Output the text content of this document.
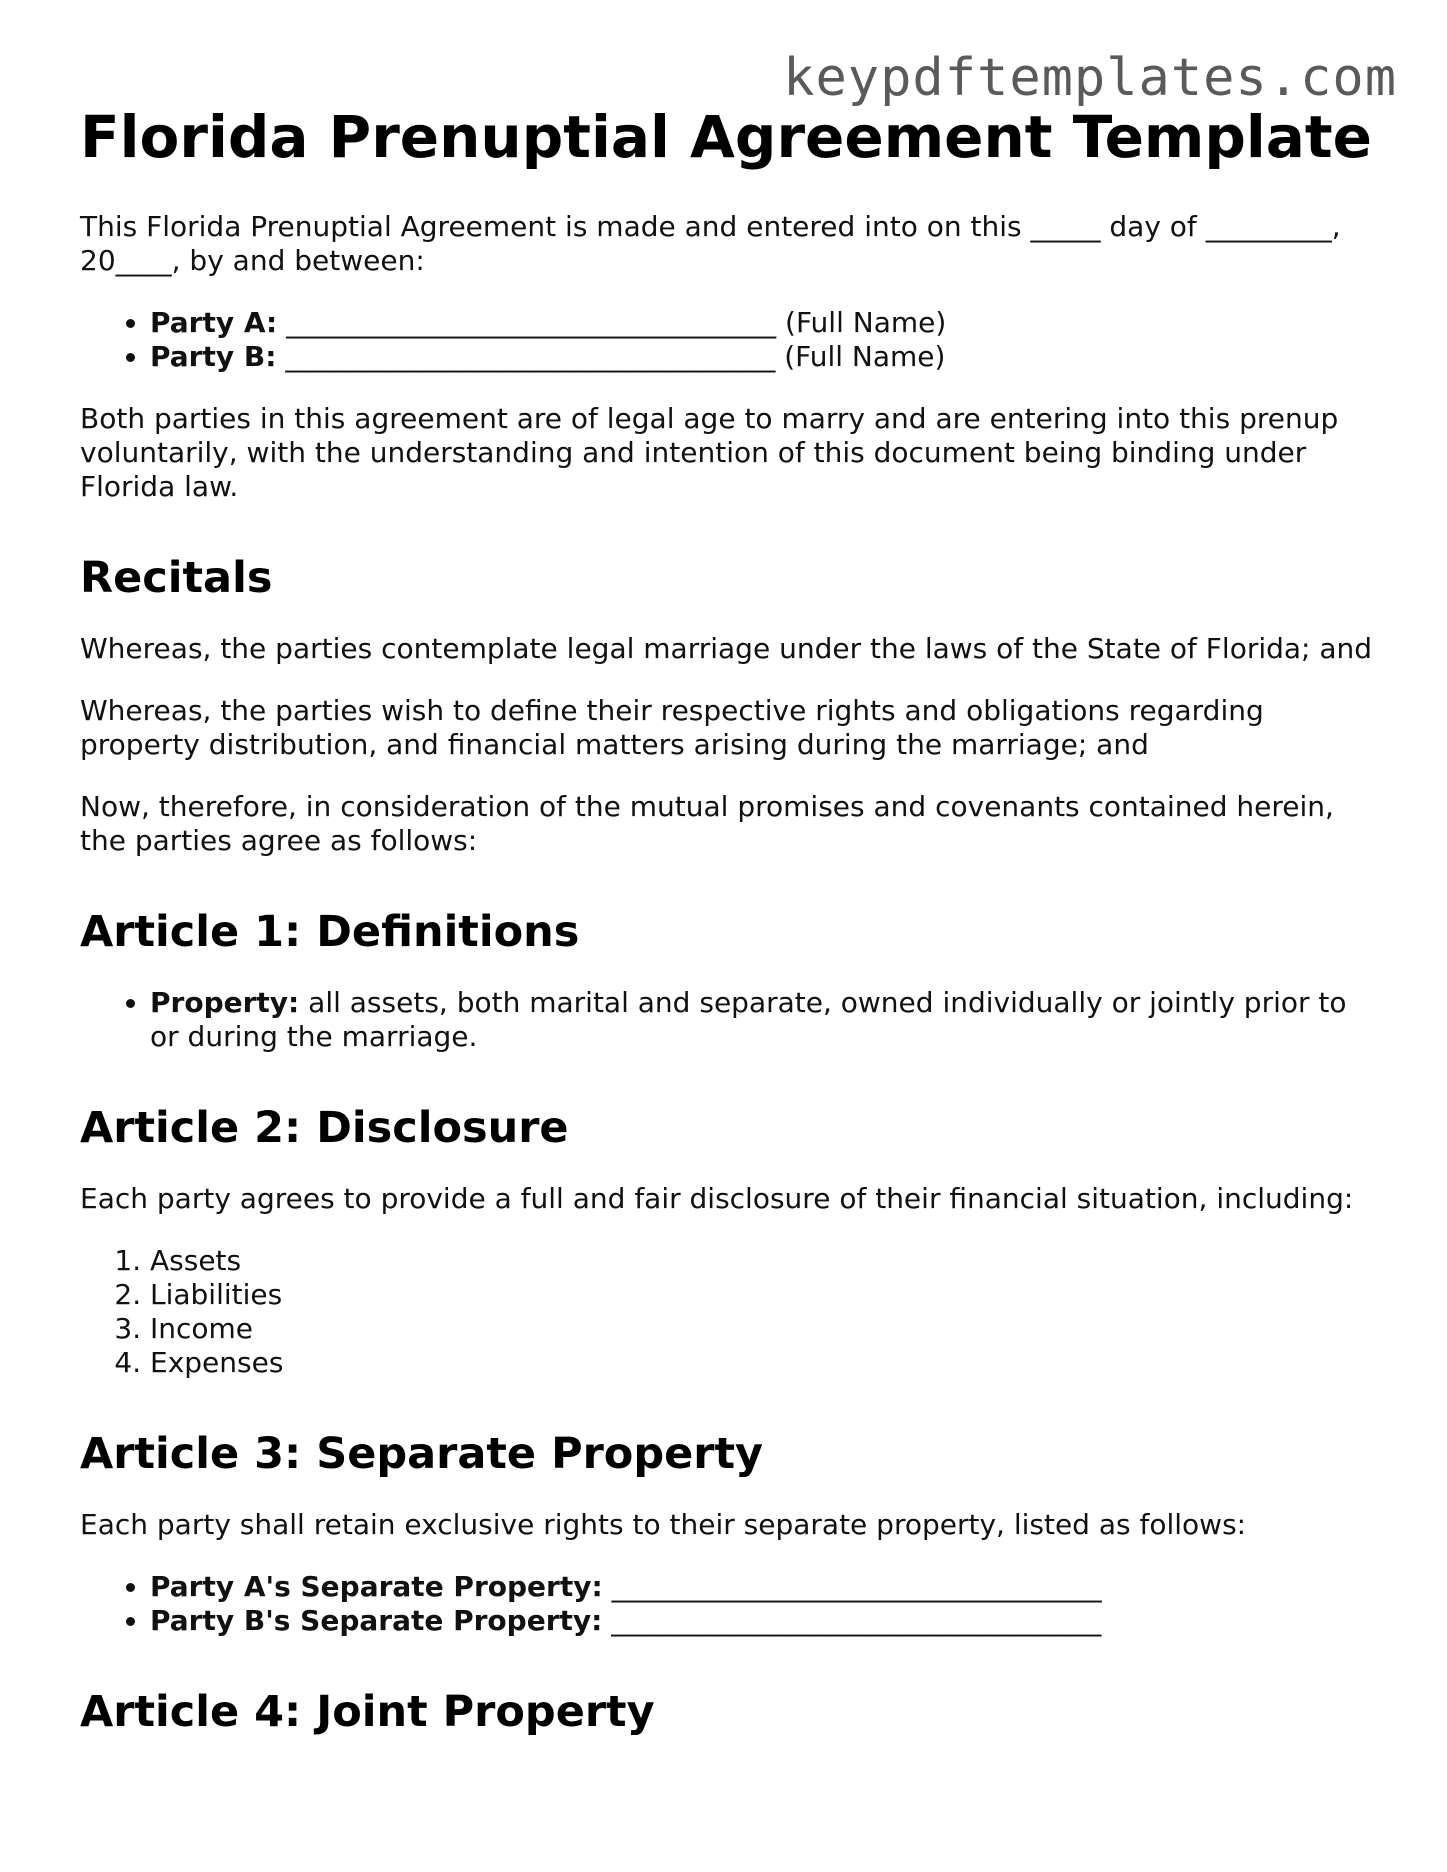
keypdftemplates.com
Florida Prenuptial Agreement Template

This Florida Prenuptial Agreement is made and entered into on this _____ day of _________, 20____, by and between:

• Party A: ___________________________________ (Full Name)
• Party B: ___________________________________ (Full Name)

Both parties in this agreement are of legal age to marry and are entering into this prenup voluntarily, with the understanding and intention of this document being binding under Florida law.

Recitals

Whereas, the parties contemplate legal marriage under the laws of the State of Florida; and

Whereas, the parties wish to define their respective rights and obligations regarding property distribution, and financial matters arising during the marriage; and

Now, therefore, in consideration of the mutual promises and covenants contained herein, the parties agree as follows:

Article 1: Definitions
• Property: all assets, both marital and separate, owned individually or jointly prior to or during the marriage.
Article 2: Disclosure

Each party agrees to provide a full and fair disclosure of their financial situation, including:

1. Assets
2. Liabilities
3. Income
4. Expenses
Article 3: Separate Property

Each party shall retain exclusive rights to their separate property, listed as follows:

• Party A's Separate Property: ___________________________________
• Party B's Separate Property: ___________________________________
Article 4: Joint Property
